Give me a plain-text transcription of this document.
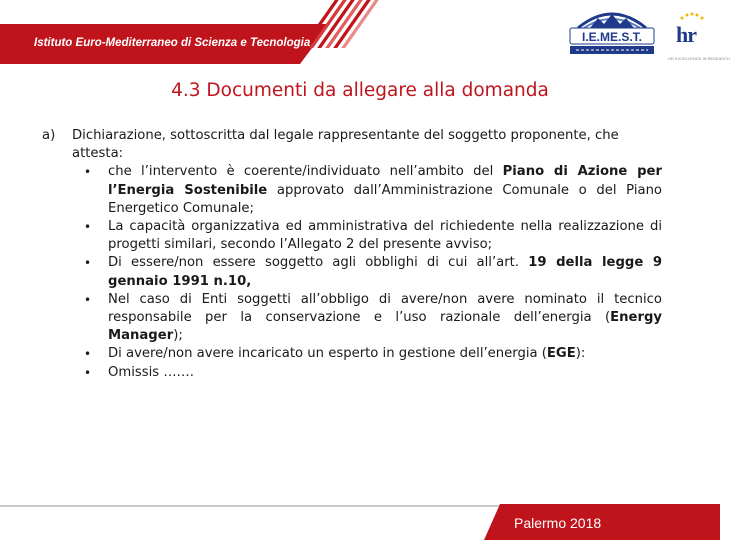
Istituto Euro-Mediterraneo di Scienza e Tecnologia	I.E.ME.S.T. hr
HR EXCELLENCE IN RESEARCH
4.3 Documenti da allegare alla domanda
a)	Dichiarazione, sottoscritta dal legale rappresentante del soggetto proponente, che attesta:
• che l’intervento è coerente/individuato nell’ambito del Piano di Azione per l’Energia Sostenibile approvato dall’Amministrazione Comunale o del Piano Energetico Comunale;
• La capacità organizzativa ed amministrativa del richiedente nella realizzazione di progetti similari, secondo l’Allegato 2 del presente avviso;
• Di essere/non essere soggetto agli obblighi di cui all’art. 19 della legge 9 gennaio 1991 n.10,
• Nel caso di Enti soggetti all’obbligo di avere/non avere nominato il tecnico responsabile per la conservazione e l’uso razionale dell’energia (Energy Manager);
• Di avere/non avere incaricato un esperto in gestione dell’energia (EGE):
• Omissis …….
Palermo 2018
